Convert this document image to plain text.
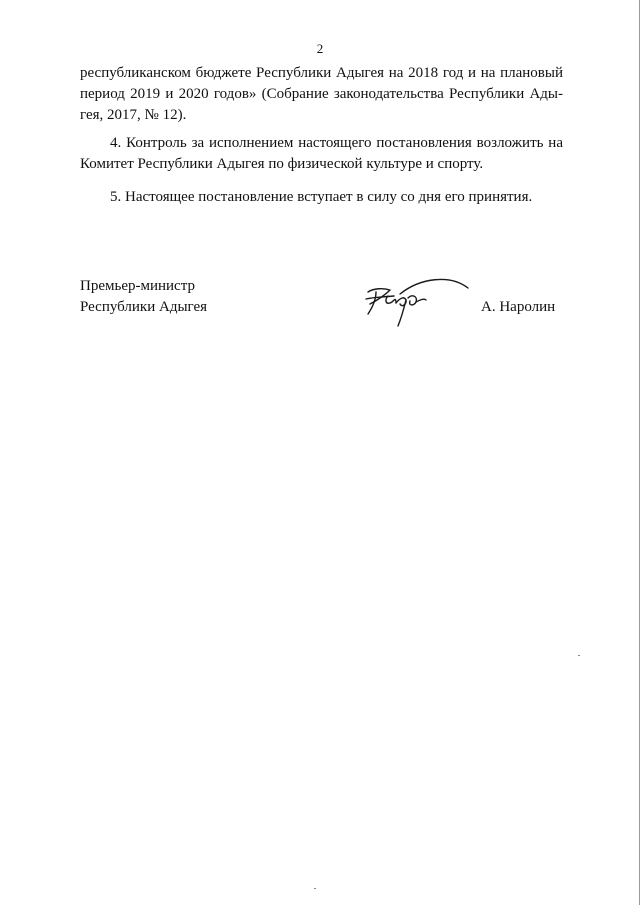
2
республиканском бюджете Республики Адыгея на 2018 год и на плановый
период 2019 и 2020 годов» (Собрание законодательства Республики Ады-
гея, 2017, № 12).
4. Контроль за исполнением настоящего постановления возложить на
Комитет Республики Адыгея по физической культуре и спорту.
5. Настоящее постановление вступает в силу со дня его принятия.
Премьер-министр
Республики Адыгея	А. Наролин
